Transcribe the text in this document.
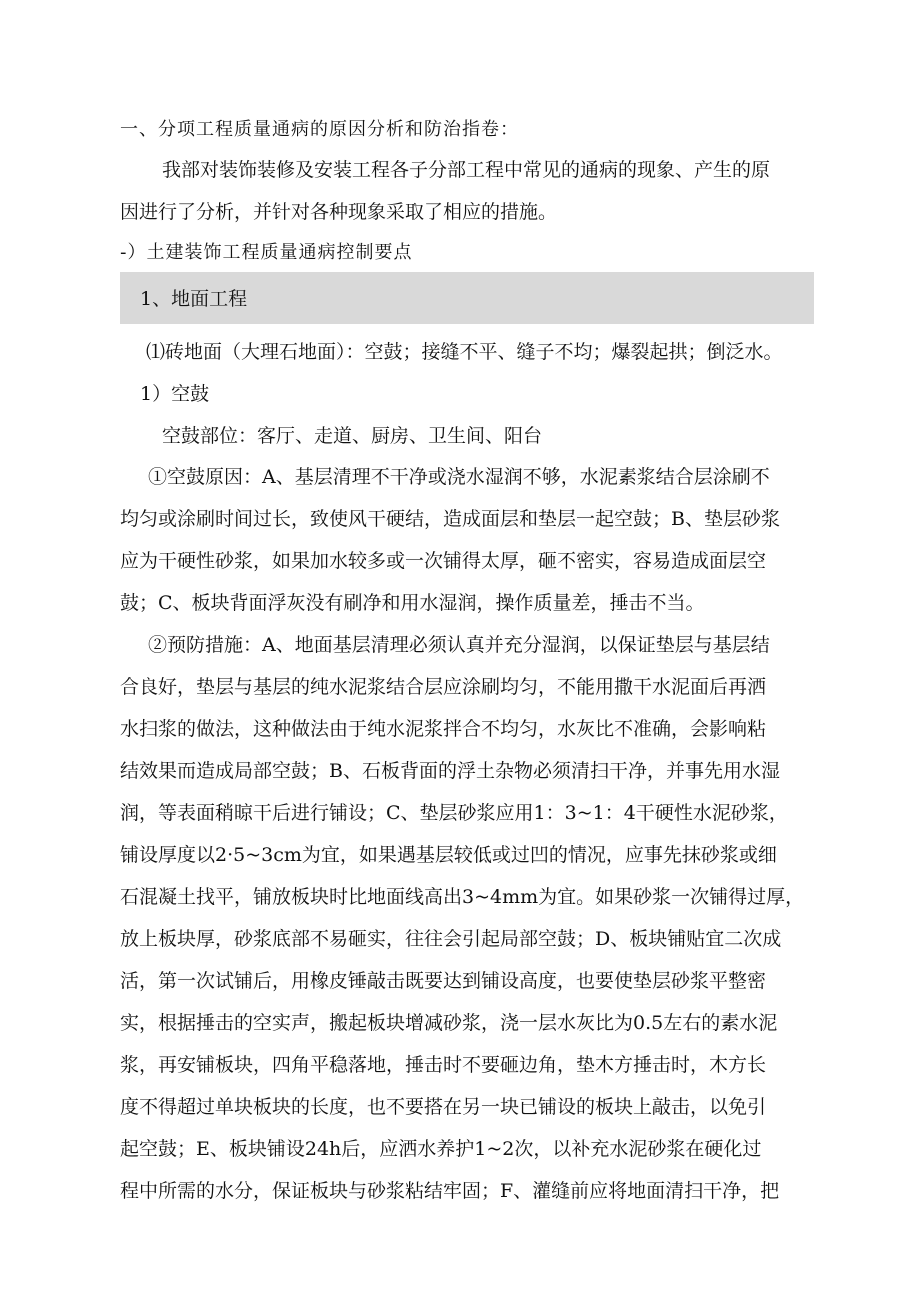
一、分项工程质量通病的原因分析和防治指卷：
我部对装饰装修及安装工程各子分部工程中常见的通病的现象、产生的原
因进行了分析，并针对各种现象采取了相应的措施。
-）土建装饰工程质量通病控制要点
1、地面工程
⑴砖地面（大理石地面）：空鼓；接缝不平、缝子不均；爆裂起拱；倒泛水。
1）空鼓
空鼓部位：客厅、走道、厨房、卫生间、阳台
①空鼓原因：A、基层清理不干净或浇水湿润不够，水泥素浆结合层涂刷不
均匀或涂刷时间过长，致使风干硬结，造成面层和垫层一起空鼓；B、垫层砂浆
应为干硬性砂浆，如果加水较多或一次铺得太厚，砸不密实，容易造成面层空
鼓；C、板块背面浮灰没有刷净和用水湿润，操作质量差，捶击不当。
②预防措施：A、地面基层清理必须认真并充分湿润，以保证垫层与基层结
合良好，垫层与基层的纯水泥浆结合层应涂刷均匀，不能用撒干水泥面后再洒
水扫浆的做法，这种做法由于纯水泥浆拌合不均匀，水灰比不准确，会影响粘
结效果而造成局部空鼓；B、石板背面的浮土杂物必须清扫干净，并事先用水湿
润，等表面稍晾干后进行铺设；C、垫层砂浆应用1：3~1：4干硬性水泥砂浆，
铺设厚度以2·5~3cm为宜，如果遇基层较低或过凹的情况，应事先抹砂浆或细
石混凝土找平，铺放板块时比地面线高出3~4mm为宜。如果砂浆一次铺得过厚，
放上板块厚，砂浆底部不易砸实，往往会引起局部空鼓；D、板块铺贴宜二次成
活，第一次试铺后，用橡皮锤敲击既要达到铺设高度，也要使垫层砂浆平整密
实，根据捶击的空实声，搬起板块增减砂浆，浇一层水灰比为0.5左右的素水泥
浆，再安铺板块，四角平稳落地，捶击时不要砸边角，垫木方捶击时，木方长
度不得超过单块板块的长度，也不要搭在另一块已铺设的板块上敲击，以免引
起空鼓；E、板块铺设24h后，应洒水养护1~2次，以补充水泥砂浆在硬化过
程中所需的水分，保证板块与砂浆粘结牢固；F、灌缝前应将地面清扫干净，把
